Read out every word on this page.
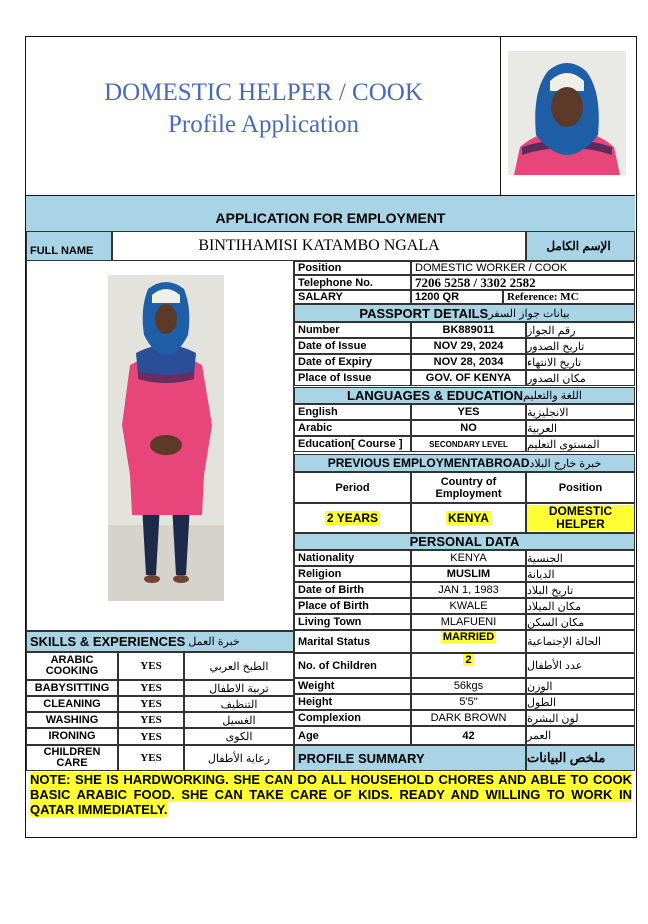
DOMESTIC HELPER / COOK
Profile Application
APPLICATION FOR EMPLOYMENT
FULL NAME	BINTIHAMISI KATAMBO NGALA	الإسم الكامل
Position	DOMESTIC WORKER / COOK
Telephone No.	7206 5258 / 3302 2582
SALARY	1200 QR	Reference: MC
PASSPORT DETAILS بيانات جواز السفر
LANGUAGES & EDUCATION اللغة والتعليم
PREVIOUS EMPLOYMENTABROAD خبرة خارج البلاد
Period	Country of Employment	Position
2 YEARS	KENYA	DOMESTIC HELPER
PERSONAL DATA
SKILLS & EXPERIENCES خبرة العمل
PROFILE SUMMARY	ملخص البيانات
NOTE: SHE IS HARDWORKING. SHE CAN DO ALL HOUSEHOLD CHORES AND ABLE TO COOK BASIC ARABIC FOOD. SHE CAN TAKE CARE OF KIDS. READY AND WILLING TO WORK IN QATAR IMMEDIATELY.
Number	BK889011	رقم الجواز
Date of Issue	NOV 29, 2024	تاريخ الصدور
Date of Expiry	NOV 28, 2034	تاريخ الانتهاء
Place of Issue	GOV. OF KENYA	مكان الصدور
English	YES	الانجليزية
Arabic	NO	العربية
Education[ Course ]	SECONDARY LEVEL	المستوى التعليم
Nationality	KENYA	الجنسية
Religion	MUSLIM	الديانة
Date of Birth	JAN 1, 1983	تاريخ البلاد
Place of Birth	KWALE	مكان الميلاد
Living Town	MLAFUENI	مكان السكن
Marital Status	MARRIED	الحالة الإجتماعية
No. of Children	2	عدد الأطفال
Weight	56kgs	الوزن
Height	5'5"	الطول
Complexion	DARK BROWN لون البشرة
Age	42	العمر
ARABIC COOKING	YES	الطبخ العربي
BABYSITTING	YES	تربية الاطفال
CLEANING	YES	التنظيف
WASHING	YES	الغسيل
IRONING	YES	الكوى
CHILDREN CARE	YES	رعاية الأطفال
